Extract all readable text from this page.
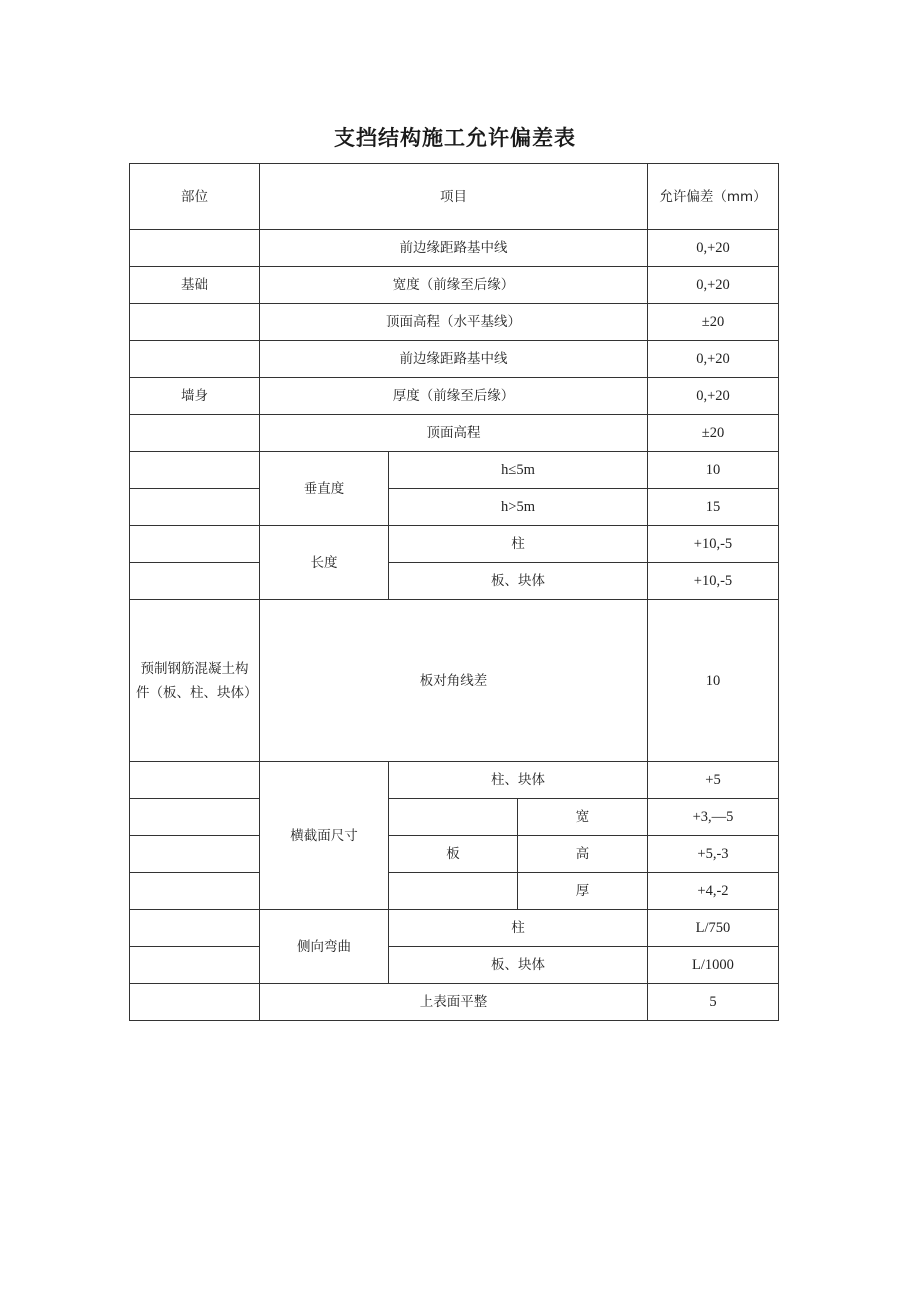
支挡结构施工允许偏差表
部位	项目			允许偏差（mm）
	前边缘距路基中线			0,+20
基础	宽度（前缘至后缘）			0,+20
	顶面高程（水平基线）			±20
	前边缘距路基中线			0,+20
墙身	厚度（前缘至后缘）			0,+20
	顶面高程			±20
	垂直度	h≤5m		10
		h>5m		15
	长度	柱		+10,-5
		板、块体		+10,-5
预制钢筋混凝土构件（板、柱、块体）	板对角线差			10
	横截面尺寸	柱、块体		+5
			宽	+3,—5
		板	高	+5,-3
			厚	+4,-2
	侧向弯曲	柱		L/750
		板、块体		L/1000
	上表面平整			5
